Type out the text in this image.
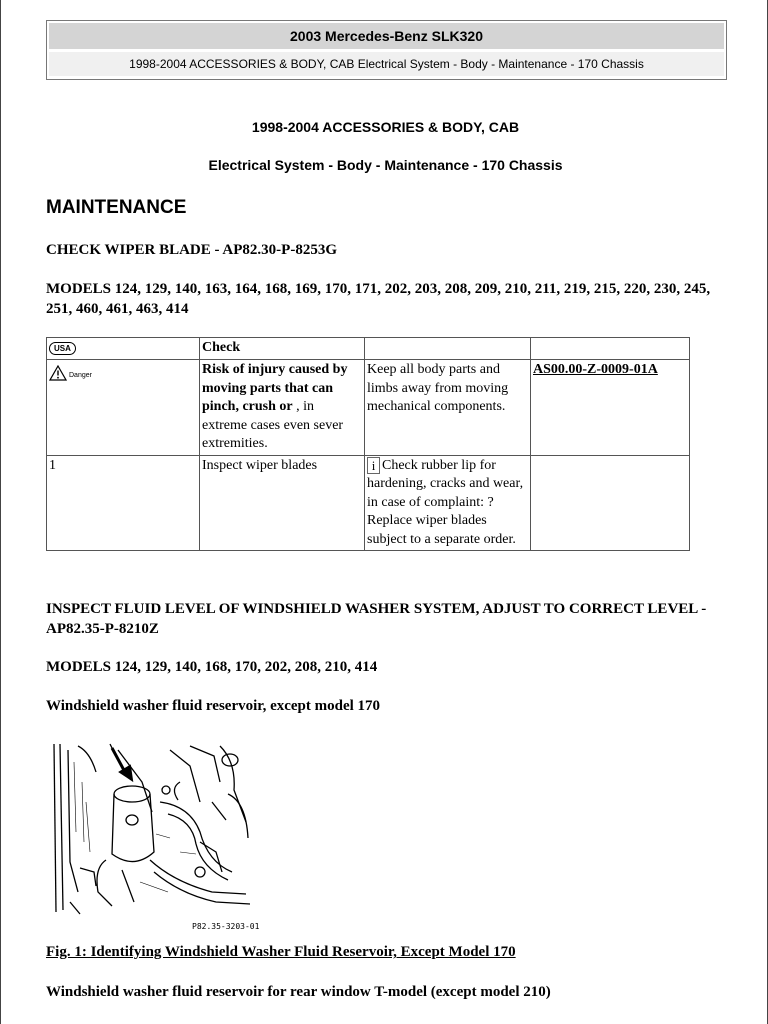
2003 Mercedes-Benz SLK320
1998-2004 ACCESSORIES & BODY, CAB Electrical System - Body - Maintenance - 170 Chassis
1998-2004 ACCESSORIES & BODY, CAB
Electrical System - Body - Maintenance - 170 Chassis
MAINTENANCE
CHECK WIPER BLADE - AP82.30-P-8253G
MODELS 124, 129, 140, 163, 164, 168, 169, 170, 171, 202, 203, 208, 209, 210, 211, 219, 215, 220, 230, 245, 251, 460, 461, 463, 414
USA	Check		

Danger	Risk of injury caused by moving parts that can pinch, crush or , in extreme cases even sever extremities.	Keep all body parts and limbs away from moving mechanical components.	AS00.00-Z-0009-01A
1	Inspect wiper blades	i Check rubber lip for hardening, cracks and wear, in case of complaint: ?
Replace wiper blades subject to a separate order.	
INSPECT FLUID LEVEL OF WINDSHIELD WASHER SYSTEM, ADJUST TO CORRECT LEVEL - AP82.35-P-8210Z
MODELS 124, 129, 140, 168, 170, 202, 208, 210, 414
Windshield washer fluid reservoir, except model 170
P82.35-3203-01
Fig. 1: Identifying Windshield Washer Fluid Reservoir, Except Model 170
Windshield washer fluid reservoir for rear window T-model (except model 210)
